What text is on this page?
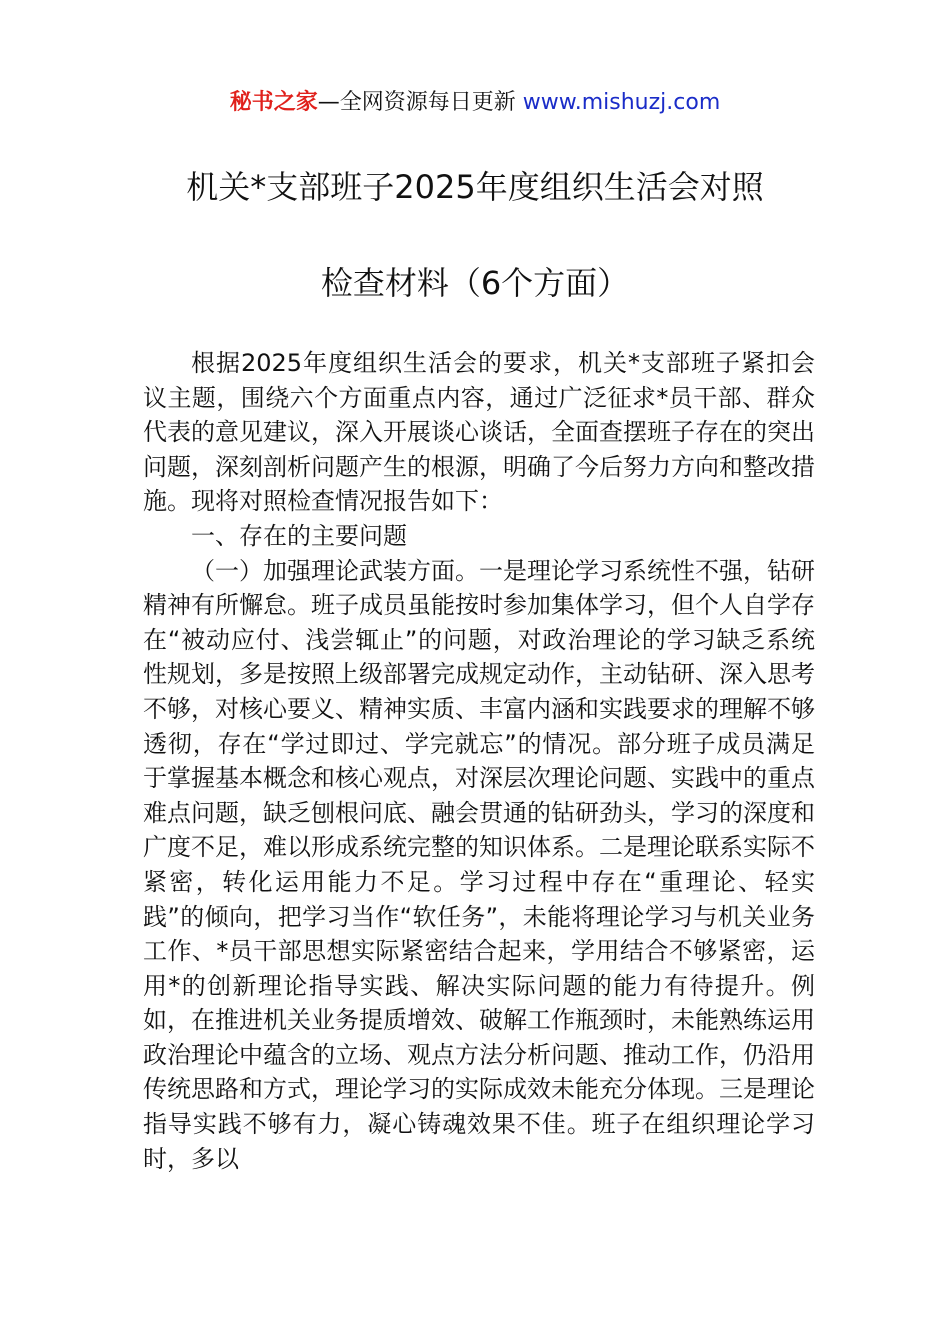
秘书之家—全网资源每日更新 www.mishuzj.com
机关*支部班子2025年度组织生活会对照
检查材料（6个方面）

根据2025年度组织生活会的要求，机关*支部班子紧扣会议主题，围绕六个方面重点内容，通过广泛征求*员干部、群众代表的意见建议，深入开展谈心谈话，全面查摆班子存在的突出问题，深刻剖析问题产生的根源，明确了今后努力方向和整改措施。现将对照检查情况报告如下：

一、存在的主要问题

（一）加强理论武装方面。一是理论学习系统性不强，钻研精神有所懈怠。班子成员虽能按时参加集体学习，但个人自学存在“被动应付、浅尝辄止”的问题，对政治理论的学习缺乏系统性规划，多是按照上级部署完成规定动作，主动钻研、深入思考不够，对核心要义、精神实质、丰富内涵和实践要求的理解不够透彻，存在“学过即过、学完就忘”的情况。部分班子成员满足于掌握基本概念和核心观点，对深层次理论问题、实践中的重点难点问题，缺乏刨根问底、融会贯通的钻研劲头，学习的深度和广度不足，难以形成系统完整的知识体系。二是理论联系实际不紧密，转化运用能力不足。学习过程中存在“重理论、轻实践”的倾向，把学习当作“软任务”，未能将理论学习与机关业务工作、*员干部思想实际紧密结合起来，学用结合不够紧密，运用*的创新理论指导实践、解决实际问题的能力有待提升。例如，在推进机关业务提质增效、破解工作瓶颈时，未能熟练运用政治理论中蕴含的立场、观点方法分析问题、推动工作，仍沿用传统思路和方式，理论学习的实际成效未能充分体现。三是理论指导实践不够有力，凝心铸魂效果不佳。班子在组织理论学习时，多以
